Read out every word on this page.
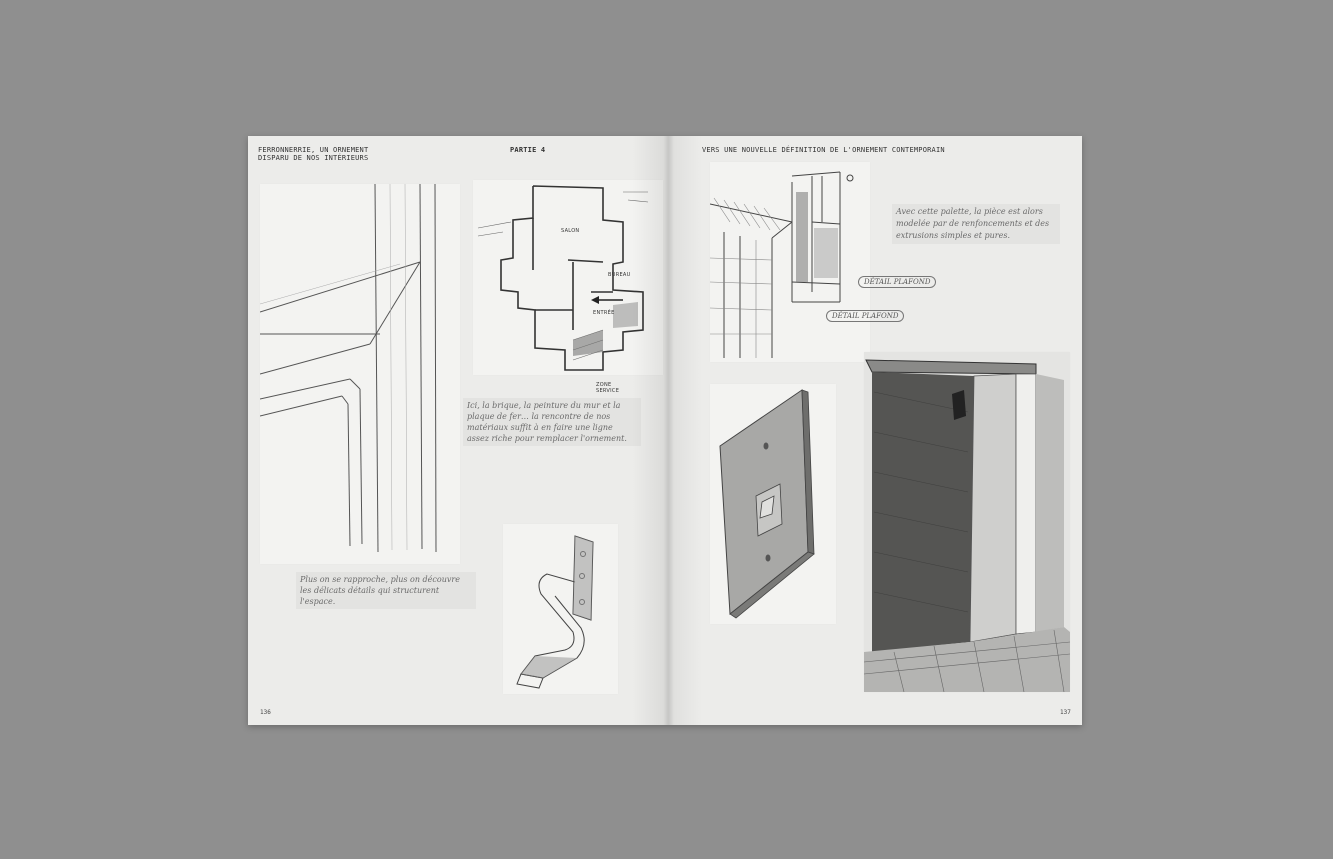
FERRONNERRIE, UN ORNEMENT DISPARU DE NOS INTÉRIEURS
PARTIE 4
Plus on se rapproche, plus on découvre les délicats détails qui structurent l'espace.
SALON
BUREAU
ENTRÉE
ZONE SERVICE
Ici, la brique, la peinture du mur et la plaque de fer… la rencontre de nos matériaux suffit à en faire une ligne assez riche pour remplacer l'ornement.
136
VERS UNE NOUVELLE DÉFINITION DE L'ORNEMENT CONTEMPORAIN
DÉTAIL PLAFOND
DÉTAIL PLAFOND
Avec cette palette, la pièce est alors modelée par de renfoncements et des extrusions simples et pures.
137
